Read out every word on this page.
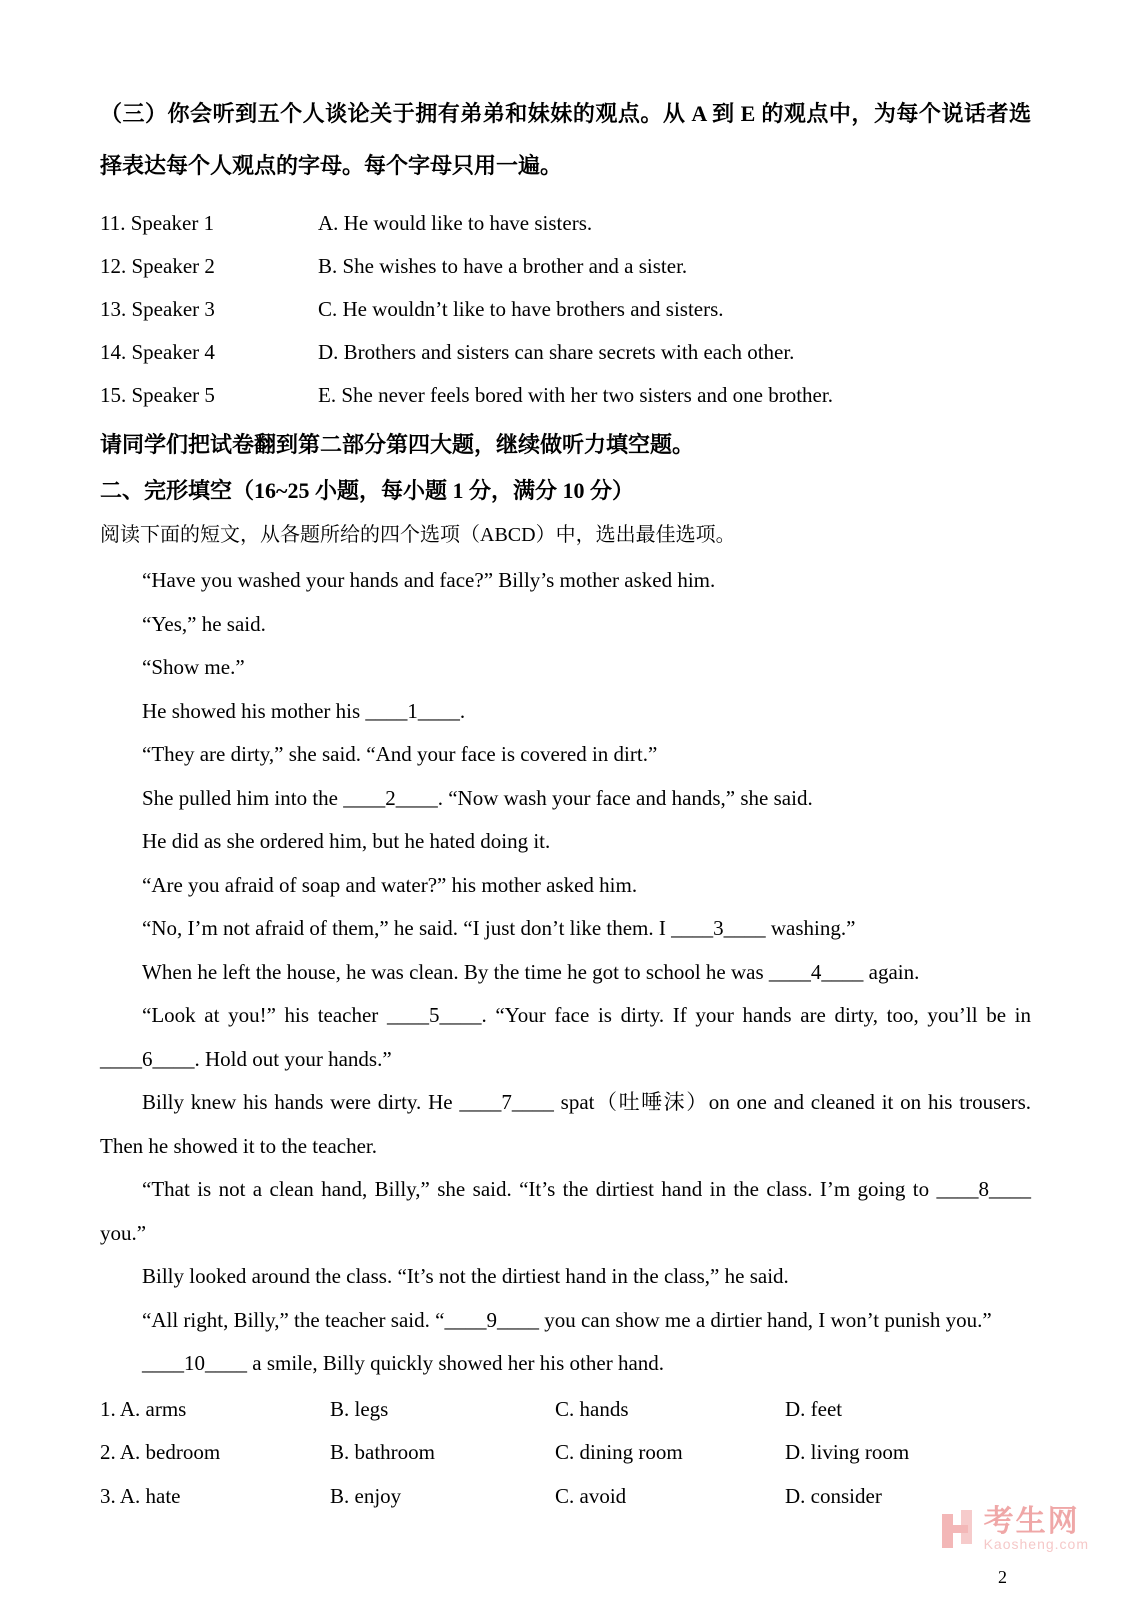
（三）你会听到五个人谈论关于拥有弟弟和妹妹的观点。从 A 到 E 的观点中，为每个说话者选择表达每个人观点的字母。每个字母只用一遍。

11. Speaker 1	A. He would like to have sisters.
12. Speaker 2	B. She wishes to have a brother and a sister.
13. Speaker 3	C. He wouldn’t like to have brothers and sisters.
14. Speaker 4	D. Brothers and sisters can share secrets with each other.
15. Speaker 5	E. She never feels bored with her two sisters and one brother.

请同学们把试卷翻到第二部分第四大题，继续做听力填空题。

二、完形填空（16~25 小题，每小题 1 分，满分 10 分）

阅读下面的短文，从各题所给的四个选项（ABCD）中，选出最佳选项。

“Have you washed your hands and face?” Billy’s mother asked him.

“Yes,” he said.

“Show me.”

He showed his mother his ____1____.

“They are dirty,” she said. “And your face is covered in dirt.”

She pulled him into the ____2____. “Now wash your face and hands,” she said.

He did as she ordered him, but he hated doing it.

“Are you afraid of soap and water?” his mother asked him.

“No, I’m not afraid of them,” he said. “I just don’t like them. I ____3____ washing.”

When he left the house, he was clean. By the time he got to school he was ____4____ again.

“Look at you!” his teacher ____5____. “Your face is dirty. If your hands are dirty, too, you’ll be in ____6____. Hold out your hands.”

Billy knew his hands were dirty. He ____7____ spat（吐唾沫）on one and cleaned it on his trousers. Then he showed it to the teacher.

“That is not a clean hand, Billy,” she said. “It’s the dirtiest hand in the class. I’m going to ____8____ you.”

Billy looked around the class. “It’s not the dirtiest hand in the class,” he said.

“All right, Billy,” the teacher said. “____9____ you can show me a dirtier hand, I won’t punish you.”

____10____ a smile, Billy quickly showed her his other hand.

1. A. arms	B. legs	C. hands	D. feet
2. A. bedroom	B. bathroom	C. dining room	D. living room
3. A. hate	B. enjoy	C. avoid	D. consider
考生网
Kaosheng.com
2
